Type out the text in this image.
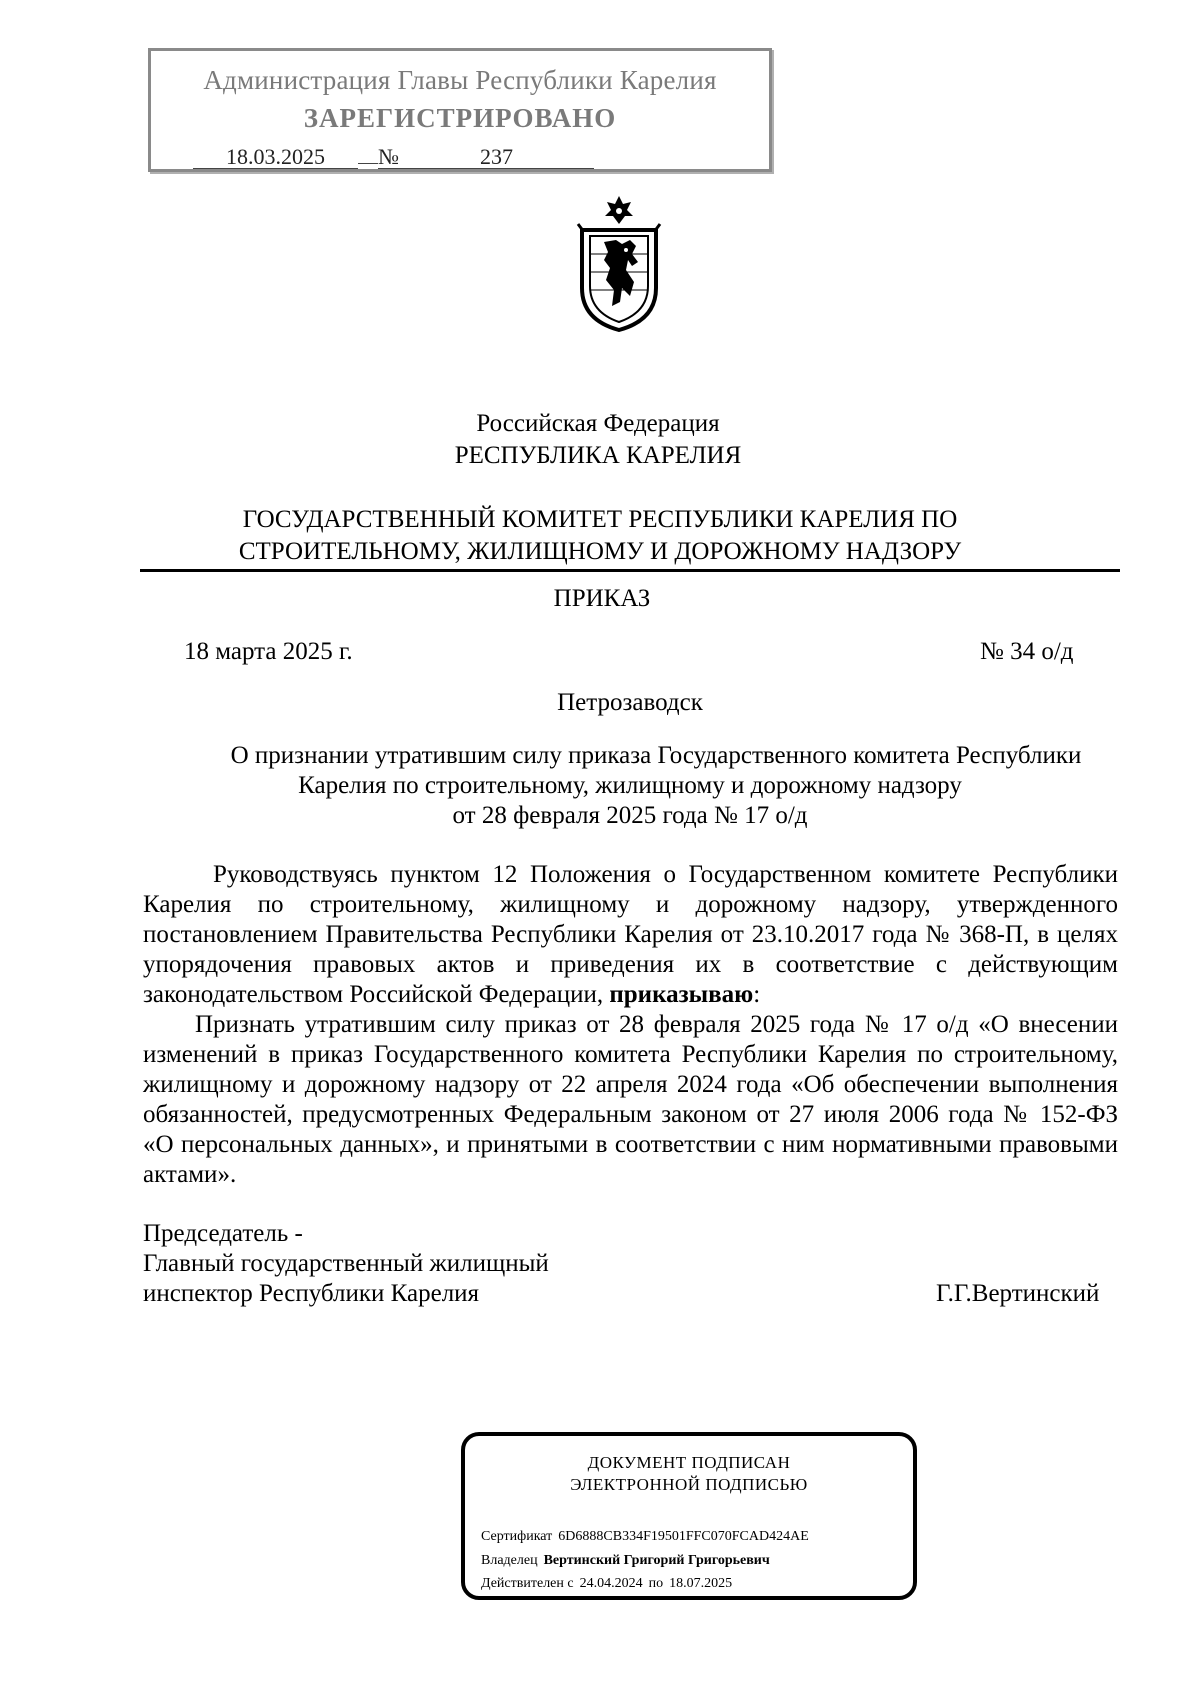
Администрация Главы Республики Карелия
ЗАРЕГИСТРИРОВАНО
18.03.2025 №	237
Российская Федерация
РЕСПУБЛИКА КАРЕЛИЯ
ГОСУДАРСТВЕННЫЙ КОМИТЕТ РЕСПУБЛИКИ КАРЕЛИЯ ПО
СТРОИТЕЛЬНОМУ, ЖИЛИЩНОМУ И ДОРОЖНОМУ НАДЗОРУ
ПРИКАЗ
18 марта 2025 г.	№ 34 о/д
Петрозаводск
О признании утратившим силу приказа Государственного комитета Республики
Карелия по строительному, жилищному и дорожному надзору
от 28 февраля 2025 года № 17 о/д

Руководствуясь пунктом 12 Положения о Государственном комитете Республики Карелия по строительному, жилищному и дорожному надзору, утвержденного постановлением Правительства Республики Карелия от 23.10.2017 года № 368-П, в целях упорядочения правовых актов и приведения их в соответствие с действующим законодательством Российской Федерации, приказываю:

Признать утратившим силу приказ от 28 февраля 2025 года № 17 о/д «О внесении изменений в приказ Государственного комитета Республики Карелия по строительному, жилищному и дорожному надзору от 22 апреля 2024 года «Об обеспечении выполнения обязанностей, предусмотренных Федеральным законом от 27 июля 2006 года № 152-ФЗ «О персональных данных», и принятыми в соответствии с ним нормативными правовыми актами».

Председатель -
Главный государственный жилищный
инспектор Республики Карелия	Г.Г.Вертинский
ДОКУМЕНТ ПОДПИСАН
ЭЛЕКТРОННОЙ ПОДПИСЬЮ
Сертификат 6D6888CB334F19501FFC070FCAD424AE
Владелец Вертинский Григорий Григорьевич
Действителен с 24.04.2024 по 18.07.2025
